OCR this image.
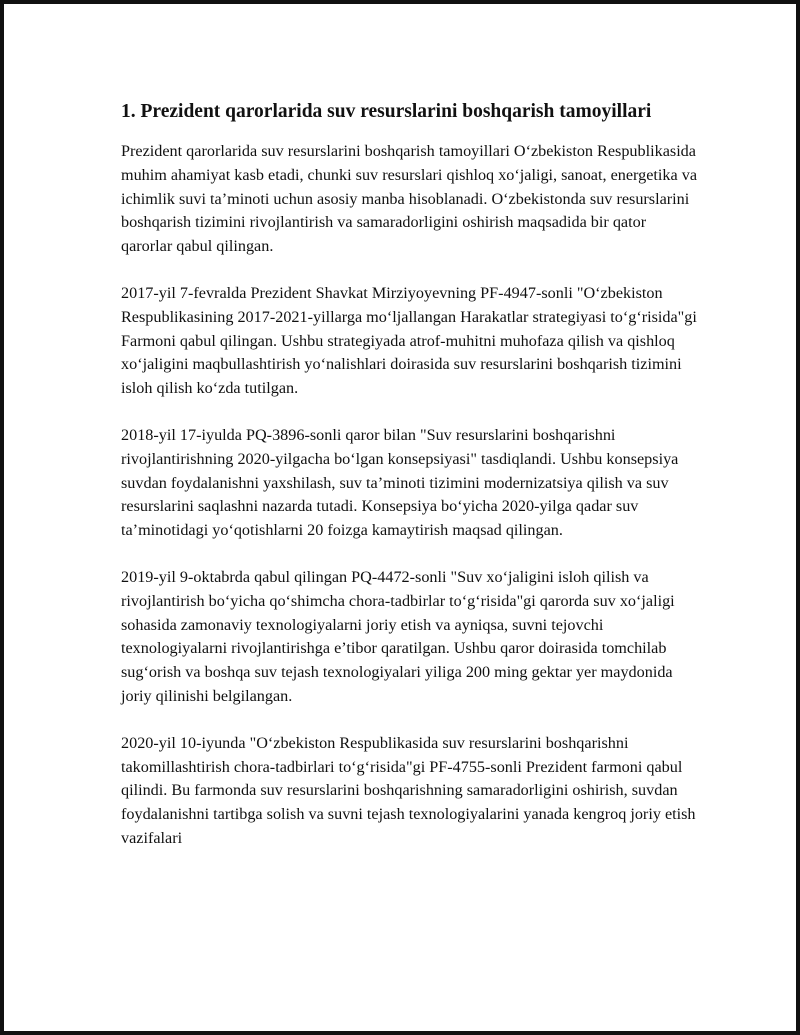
1. Prezident qarorlarida suv resurslarini boshqarish tamoyillari

Prezident qarorlarida suv resurslarini boshqarish tamoyillari O‘zbekiston Respublikasida muhim ahamiyat kasb etadi, chunki suv resurslari qishloq xo‘jaligi, sanoat, energetika va ichimlik suvi ta’minoti uchun asosiy manba hisoblanadi. O‘zbekistonda suv resurslarini boshqarish tizimini rivojlantirish va samaradorligini oshirish maqsadida bir qator qarorlar qabul qilingan.

2017-yil 7-fevralda Prezident Shavkat Mirziyoyevning PF-4947-sonli "O‘zbekiston Respublikasining 2017-2021-yillarga mo‘ljallangan Harakatlar strategiyasi to‘g‘risida"gi Farmoni qabul qilingan. Ushbu strategiyada atrof-muhitni muhofaza qilish va qishloq xo‘jaligini maqbullashtirish yo‘nalishlari doirasida suv resurslarini boshqarish tizimini isloh qilish ko‘zda tutilgan.

2018-yil 17-iyulda PQ-3896-sonli qaror bilan "Suv resurslarini boshqarishni rivojlantirishning 2020-yilgacha bo‘lgan konsepsiyasi" tasdiqlandi. Ushbu konsepsiya suvdan foydalanishni yaxshilash, suv ta’minoti tizimini modernizatsiya qilish va suv resurslarini saqlashni nazarda tutadi. Konsepsiya bo‘yicha 2020-yilga qadar suv ta’minotidagi yo‘qotishlarni 20 foizga kamaytirish maqsad qilingan.

2019-yil 9-oktabrda qabul qilingan PQ-4472-sonli "Suv xo‘jaligini isloh qilish va rivojlantirish bo‘yicha qo‘shimcha chora-tadbirlar to‘g‘risida"gi qarorda suv xo‘jaligi sohasida zamonaviy texnologiyalarni joriy etish va ayniqsa, suvni tejovchi texnologiyalarni rivojlantirishga e’tibor qaratilgan. Ushbu qaror doirasida tomchilab sug‘orish va boshqa suv tejash texnologiyalari yiliga 200 ming gektar yer maydonida joriy qilinishi belgilangan.

2020-yil 10-iyunda "O‘zbekiston Respublikasida suv resurslarini boshqarishni takomillashtirish chora-tadbirlari to‘g‘risida"gi PF-4755-sonli Prezident farmoni qabul qilindi. Bu farmonda suv resurslarini boshqarishning samaradorligini oshirish, suvdan foydalanishni tartibga solish va suvni tejash texnologiyalarini yanada kengroq joriy etish vazifalari
